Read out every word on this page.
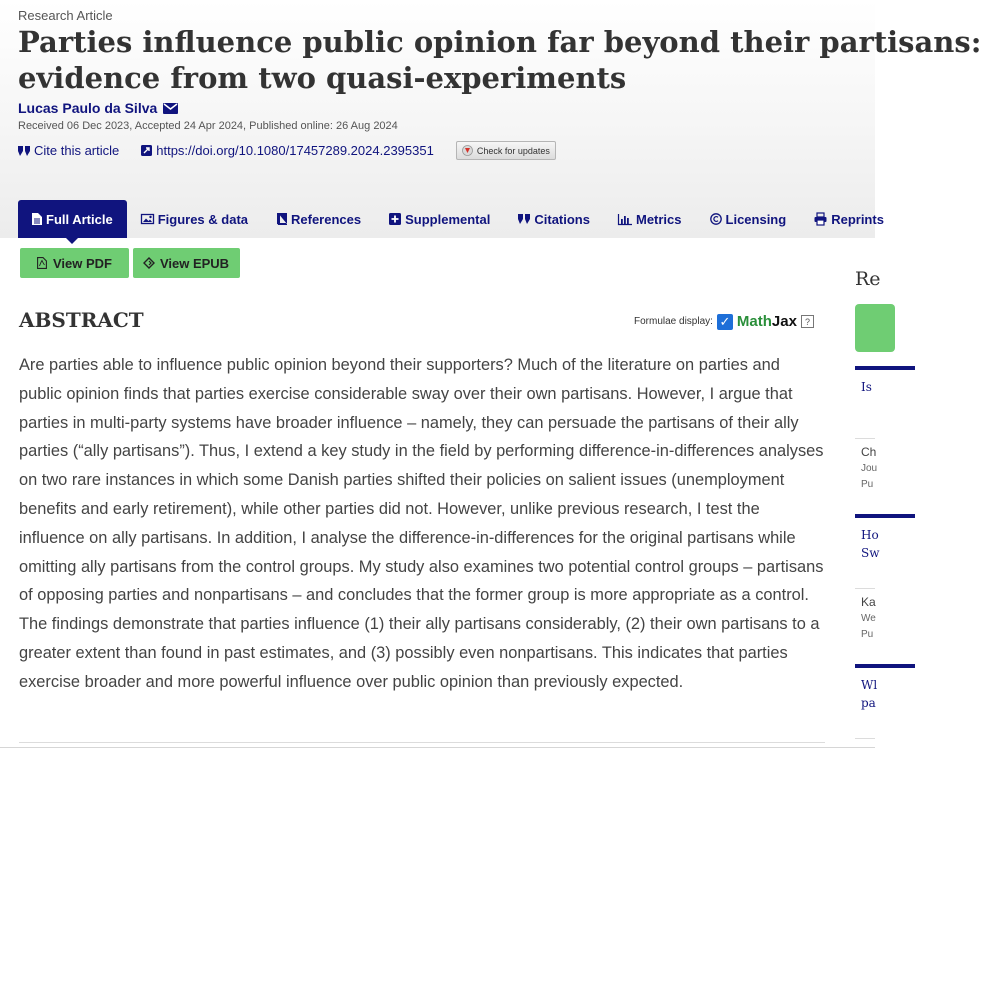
Research Article
Parties influence public opinion far beyond their partisans:
evidence from two quasi-experiments
Lucas Paulo da Silva
Received 06 Dec 2023, Accepted 24 Apr 2024, Published online: 26 Aug 2024
Cite this article	https://doi.org/10.1080/17457289.2024.2395351	Check for updates
Full Article	Figures & data	References	Supplemental	Citations	Metrics	Licensing	Reprints
View PDF	View EPUB
ABSTRACT	Formulae display: ✓ MathJax ?

Are parties able to influence public opinion beyond their supporters? Much of the literature on parties and public opinion finds that parties exercise considerable sway over their own partisans. However, I argue that parties in multi-party systems have broader influence – namely, they can persuade the partisans of their ally parties (“ally partisans”). Thus, I extend a key study in the field by performing difference-in-differences analyses on two rare instances in which some Danish parties shifted their policies on salient issues (unemployment benefits and early retirement), while other parties did not. However, unlike previous research, I test the influence on ally partisans. In addition, I analyse the difference-in-differences for the original partisans while omitting ally partisans from the control groups. My study also examines two potential control groups – partisans of opposing parties and nonpartisans – and concludes that the former group is more appropriate as a control. The findings demonstrate that parties influence (1) their ally partisans considerably, (2) their own partisans to a greater extent than found in past estimates, and (3) possibly even nonpartisans. This indicates that parties exercise broader and more powerful influence over public opinion than previously expected.

Re
Is
Ch
Jou
Pu
Ho
Sw
Ka
We
Pu
Wl
pa
